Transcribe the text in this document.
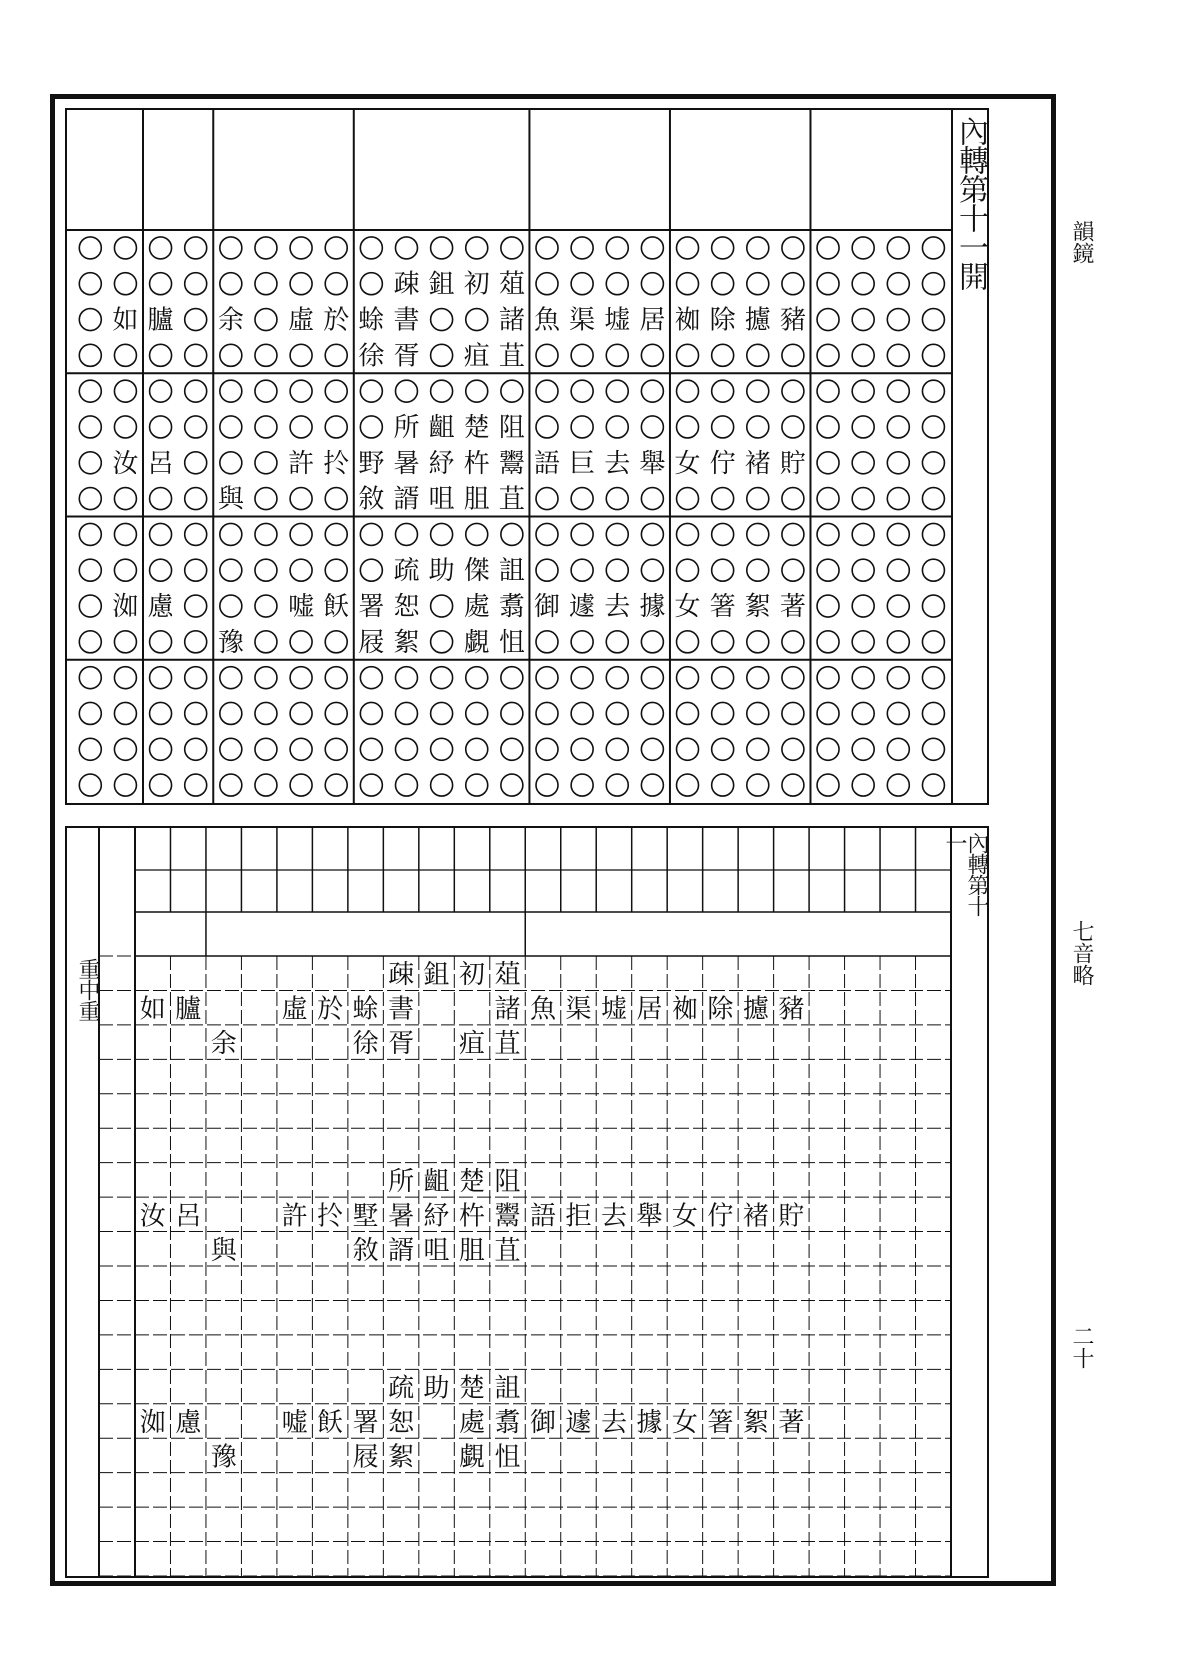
韻鏡
七音略
二十
內轉第十一開
葅
初
鉏
疎
豬
攄
除
袽
居
墟
渠
魚
諸
書
蜍
於
虛
余
臚
如
苴
疽
胥
徐
阻
楚
齟
所
貯
褚
佇
女
舉
去
巨
語
鬻
杵
紓
暑
野
扵
許
呂
汝
苴
䏣
咀
諝
敘
與
詛
傑
助
疏
著
絮
箸
女
據
去
遽
御
翥
處
恕
署
飫
嘘
慮
洳
怚
覷
絮
屐
豫
內轉第十一
重中重	葅
初
鉏
疎
豬
攄
除
袽
居
墟
渠
魚
諸
書
蜍
於
虛
臚
如
苴
疽
胥
徐
余
阻
楚
齟
所
貯
褚
佇
女
舉
去
拒
語
鬻
杵
紓
暑
墅
扵
許
呂
汝
苴
䏣
咀
諝
敘
與
詛
楚
助
疏
著
絮
箸
女
據
去
遽
御
翥
處
恕
署
飫
嘘
慮
洳
怚
覷
絮
屐
豫
